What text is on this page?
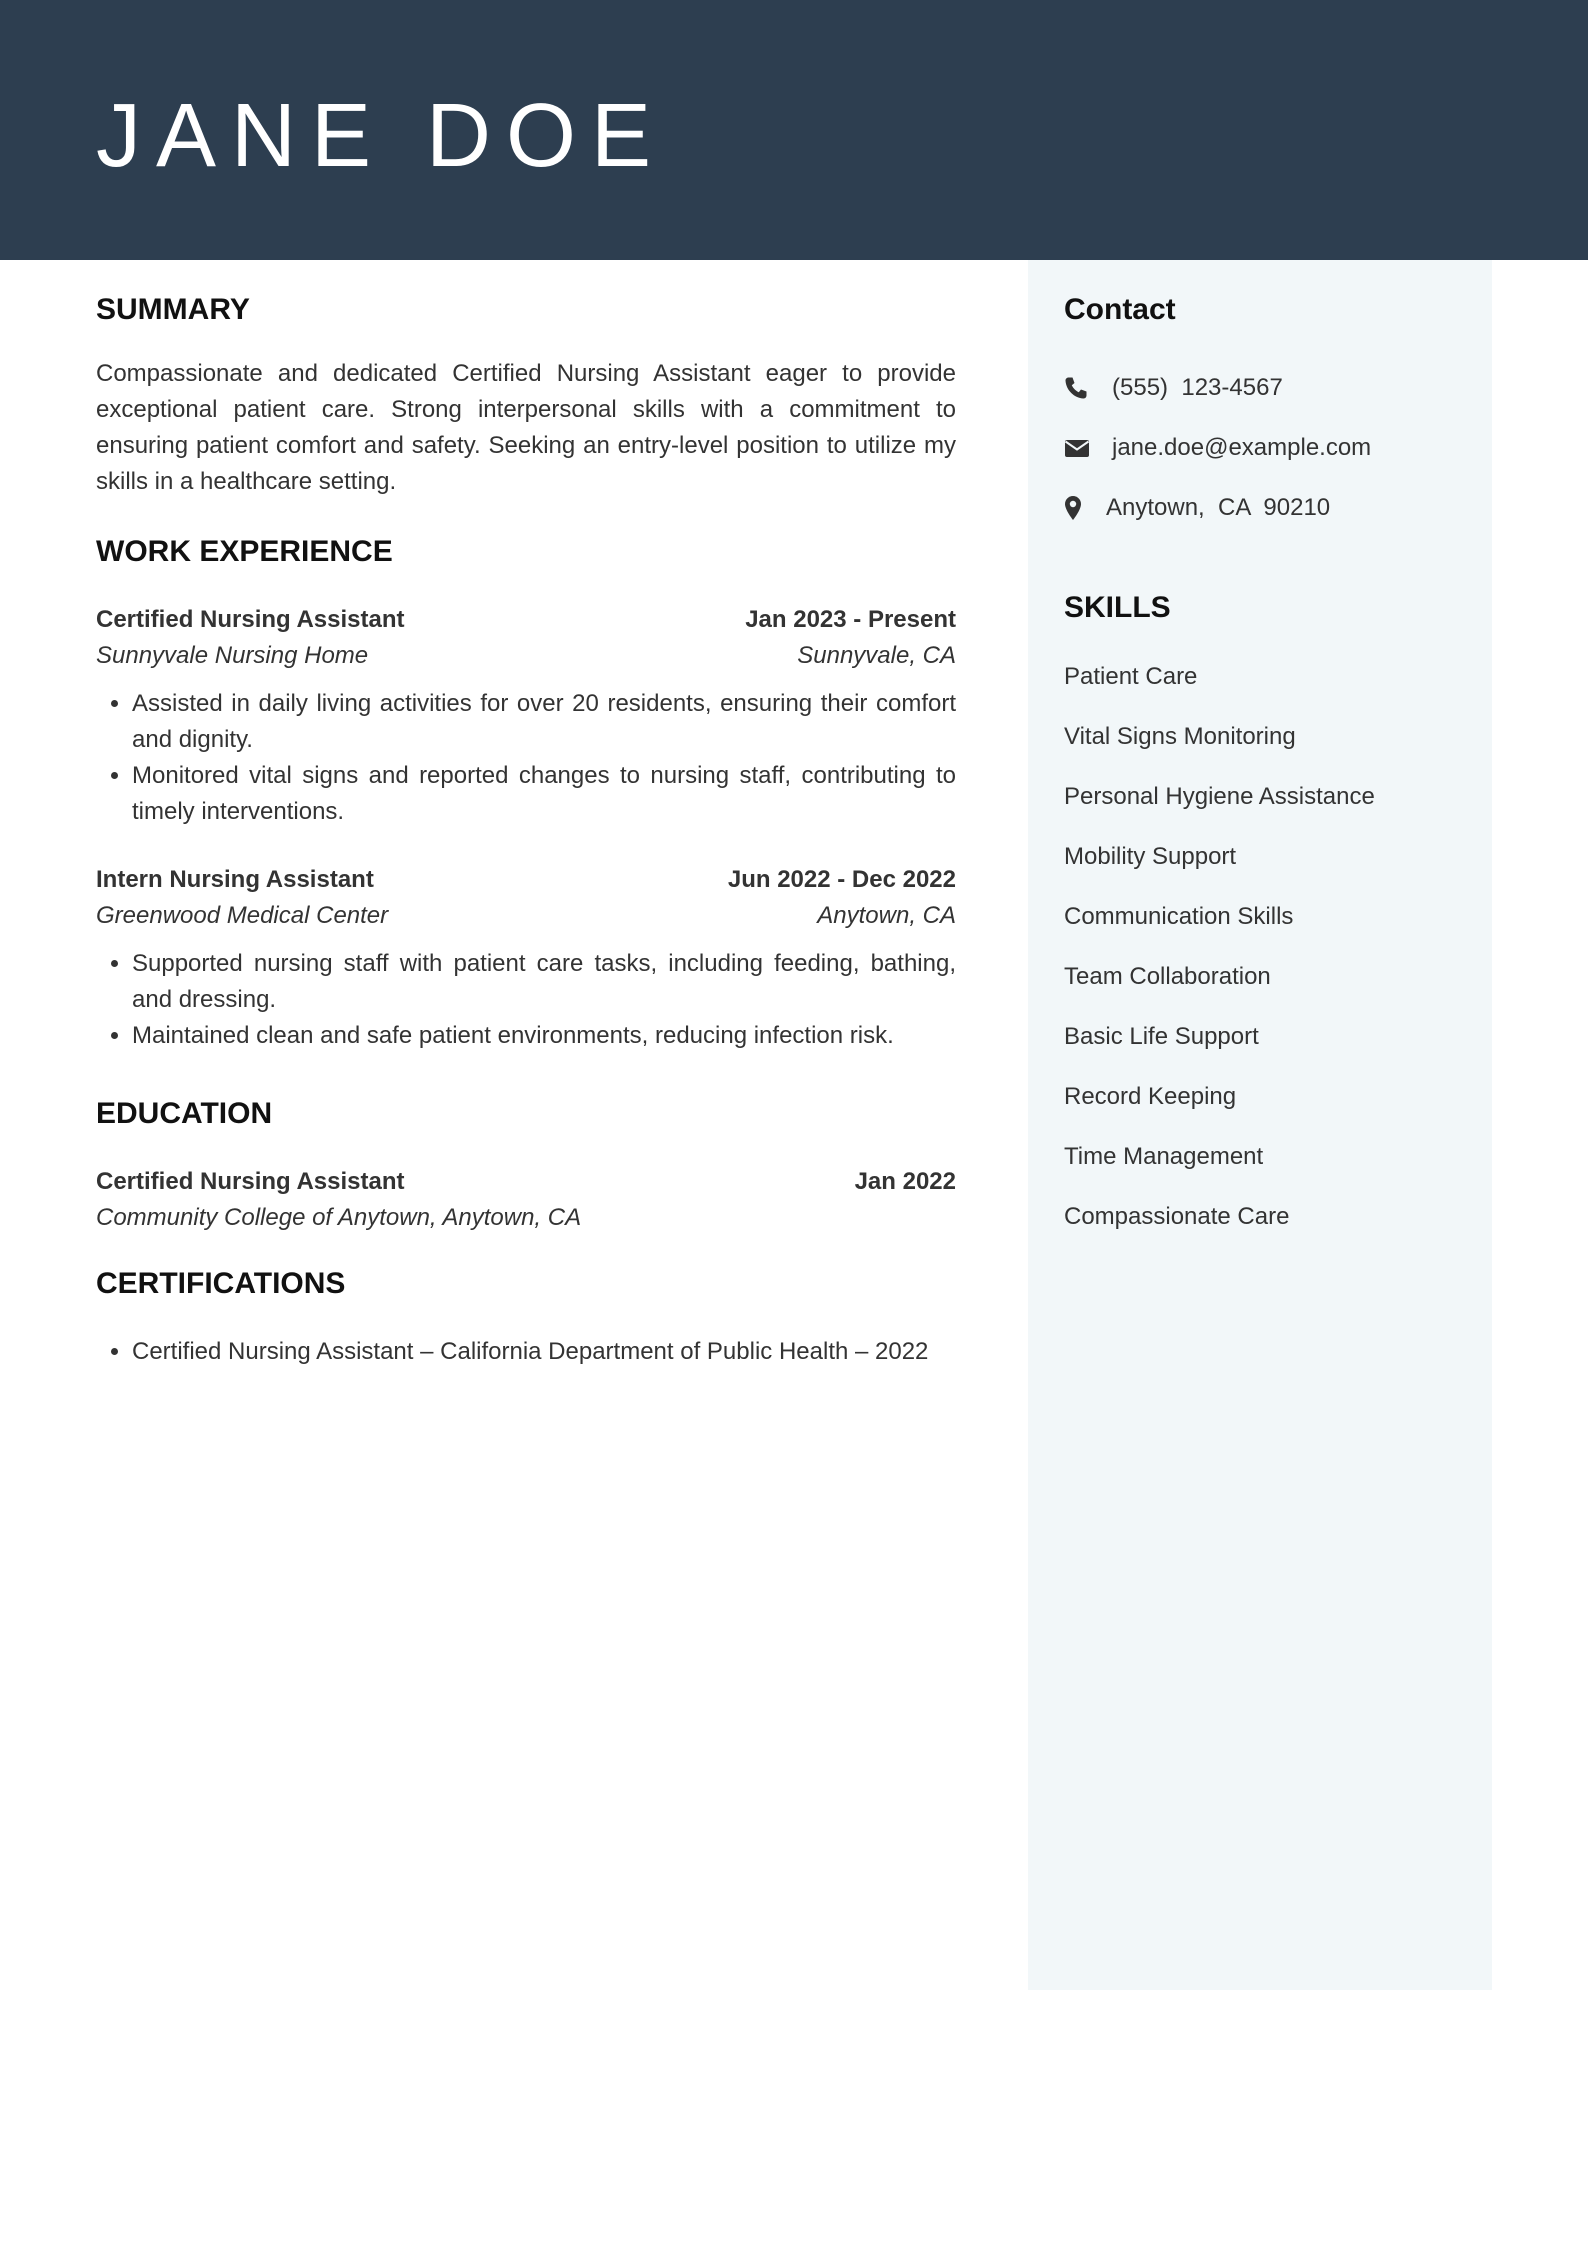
JANE DOE
SUMMARY

Compassionate and dedicated Certified Nursing Assistant eager to provide exceptional patient care. Strong interpersonal skills with a commitment to ensuring patient comfort and safety. Seeking an entry-level position to utilize my skills in a healthcare setting.

WORK EXPERIENCE
Certified Nursing Assistant	Jan 2023 - Present
Sunnyvale Nursing Home	Sunnyvale, CA
• Assisted in daily living activities for over 20 residents, ensuring their comfort and dignity.
• Monitored vital signs and reported changes to nursing staff, contributing to timely interventions.
Intern Nursing Assistant	Jun 2022 - Dec 2022
Greenwood Medical Center	Anytown, CA
• Supported nursing staff with patient care tasks, including feeding, bathing, and dressing.
• Maintained clean and safe patient environments, reducing infection risk.
EDUCATION
Certified Nursing Assistant	Jan 2022
Community College of Anytown, Anytown, CA
CERTIFICATIONS
• Certified Nursing Assistant – California Department of Public Health – 2022
Contact
(555)  123-4567
jane.doe@example.com
Anytown,  CA  90210
SKILLS
Patient Care
Vital Signs Monitoring
Personal Hygiene Assistance
Mobility Support
Communication Skills
Team Collaboration
Basic Life Support
Record Keeping
Time Management
Compassionate Care
